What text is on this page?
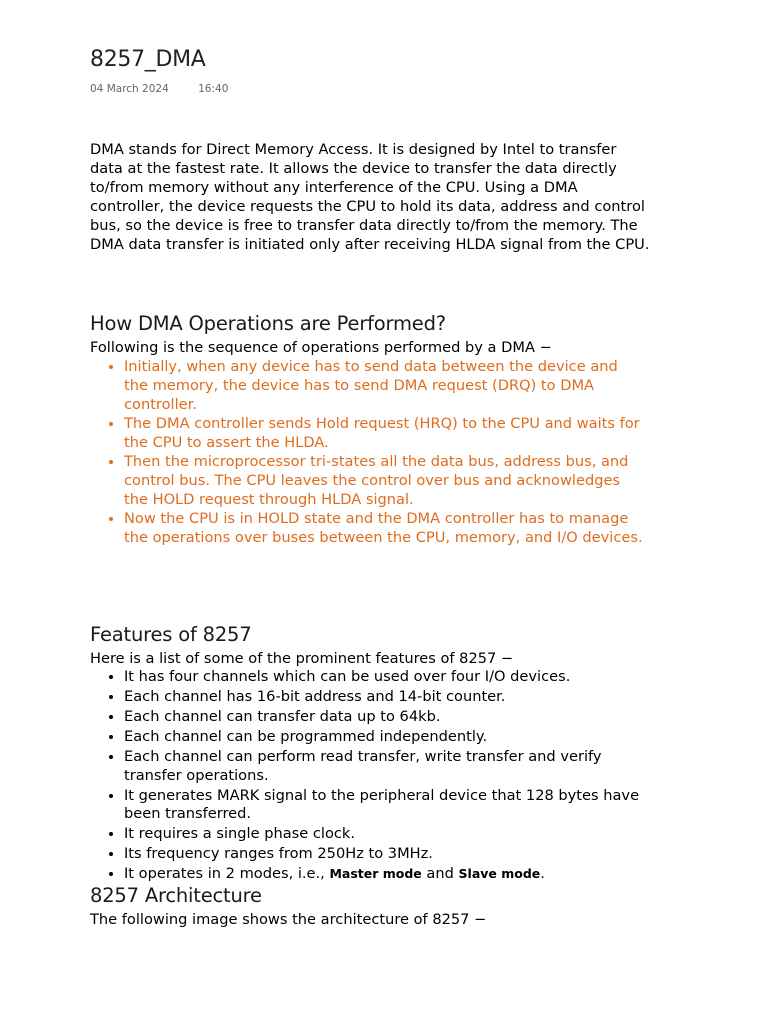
8257_DMA
04 March 2024	16:40

DMA stands for Direct Memory Access. It is designed by Intel to transfer data at the fastest rate. It allows the device to transfer the data directly to/from memory without any interference of the CPU. Using a DMA controller, the device requests the CPU to hold its data, address and control bus, so the device is free to transfer data directly to/from the memory. The DMA data transfer is initiated only after receiving HLDA signal from the CPU.

How DMA Operations are Performed?

Following is the sequence of operations performed by a DMA −

• Initially, when any device has to send data between the device and the memory, the device has to send DMA request (DRQ) to DMA controller.
• The DMA controller sends Hold request (HRQ) to the CPU and waits for the CPU to assert the HLDA.
• Then the microprocessor tri-states all the data bus, address bus, and control bus. The CPU leaves the control over bus and acknowledges the HOLD request through HLDA signal.
• Now the CPU is in HOLD state and the DMA controller has to manage the operations over buses between the CPU, memory, and I/O devices.
Features of 8257

Here is a list of some of the prominent features of 8257 −

• It has four channels which can be used over four I/O devices.
• Each channel has 16-bit address and 14-bit counter.
• Each channel can transfer data up to 64kb.
• Each channel can be programmed independently.
• Each channel can perform read transfer, write transfer and verify transfer operations.
• It generates MARK signal to the peripheral device that 128 bytes have been transferred.
• It requires a single phase clock.
• Its frequency ranges from 250Hz to 3MHz.
• It operates in 2 modes, i.e., Master mode and Slave mode.
8257 Architecture

The following image shows the architecture of 8257 −
